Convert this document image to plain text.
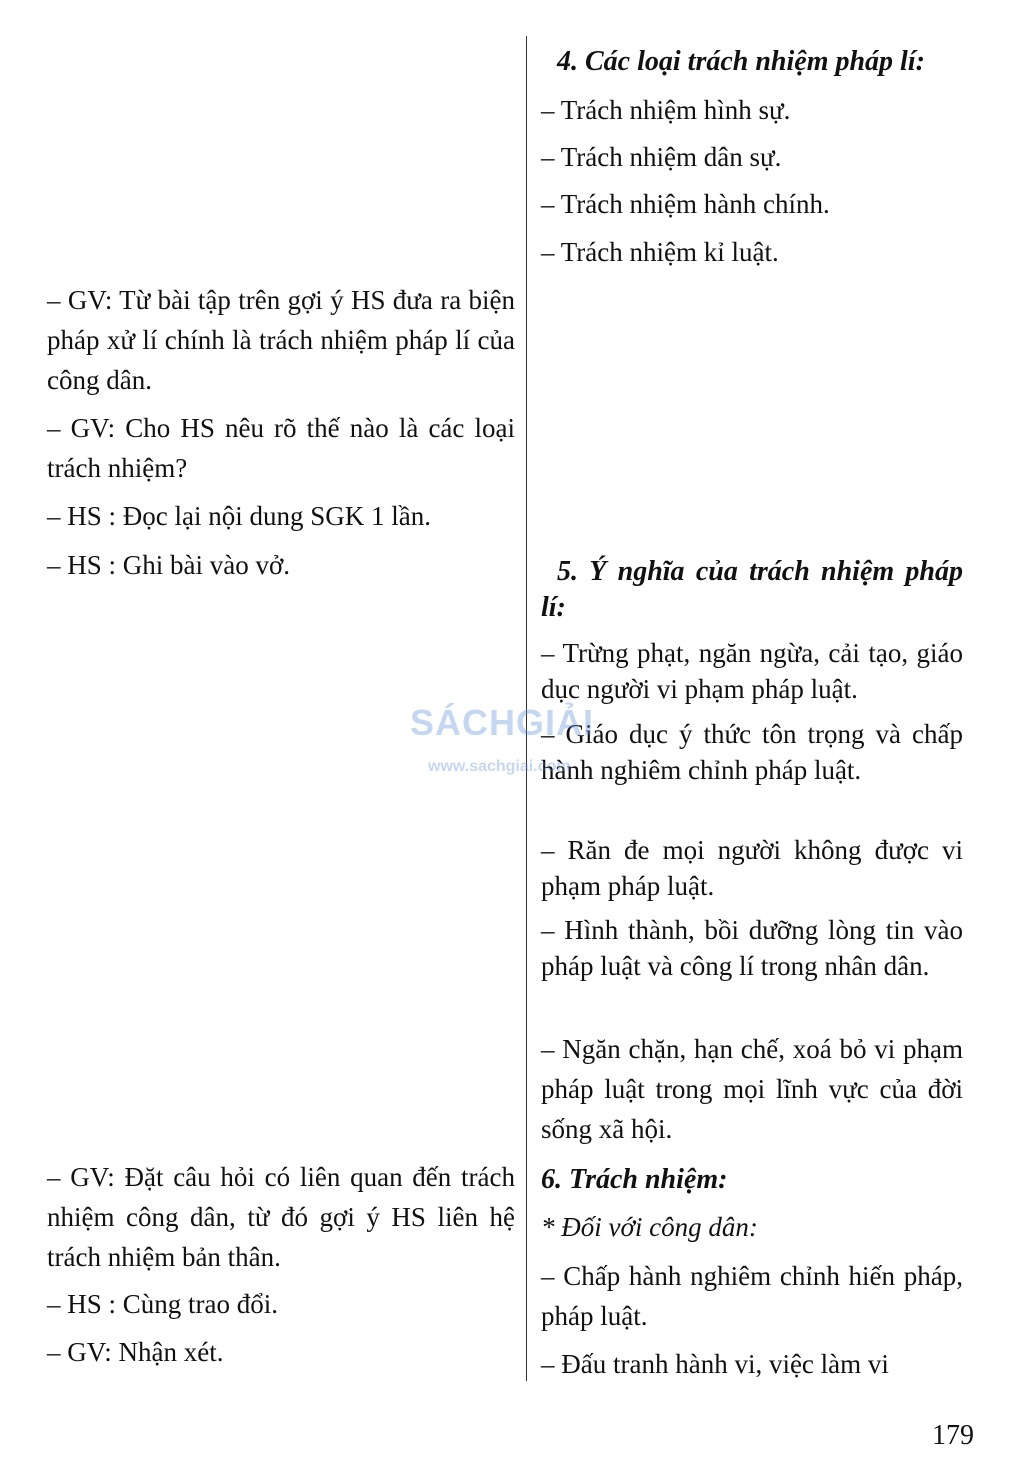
– GV: Từ bài tập trên gợi ý HS đưa ra biện pháp xử lí chính là trách nhiệm pháp lí của công dân.

– GV: Cho HS nêu rõ thế nào là các loại trách nhiệm?

– HS : Đọc lại nội dung SGK 1 lần.

– HS : Ghi bài vào vở.

– GV: Đặt câu hỏi có liên quan đến trách nhiệm công dân, từ đó gợi ý HS liên hệ trách nhiệm bản thân.

– HS : Cùng trao đổi.

– GV: Nhận xét.

4. Các loại trách nhiệm pháp lí:

– Trách nhiệm hình sự.

– Trách nhiệm dân sự.

– Trách nhiệm hành chính.

– Trách nhiệm kỉ luật.

5. Ý nghĩa của trách nhiệm pháp lí:

– Trừng phạt, ngăn ngừa, cải tạo, giáo dục người vi phạm pháp luật.

– Giáo dục ý thức tôn trọng và chấp hành nghiêm chỉnh pháp luật.

– Răn đe mọi người không được vi phạm pháp luật.

– Hình thành, bồi dưỡng lòng tin vào pháp luật và công lí trong nhân dân.

– Ngăn chặn, hạn chế, xoá bỏ vi phạm pháp luật trong mọi lĩnh vực của đời sống xã hội.

6. Trách nhiệm:

* Đối với công dân:

– Chấp hành nghiêm chỉnh hiến pháp, pháp luật.

– Đấu tranh hành vi, việc làm vi

SÁCHGIẢI
www.sachgiai.com
179
